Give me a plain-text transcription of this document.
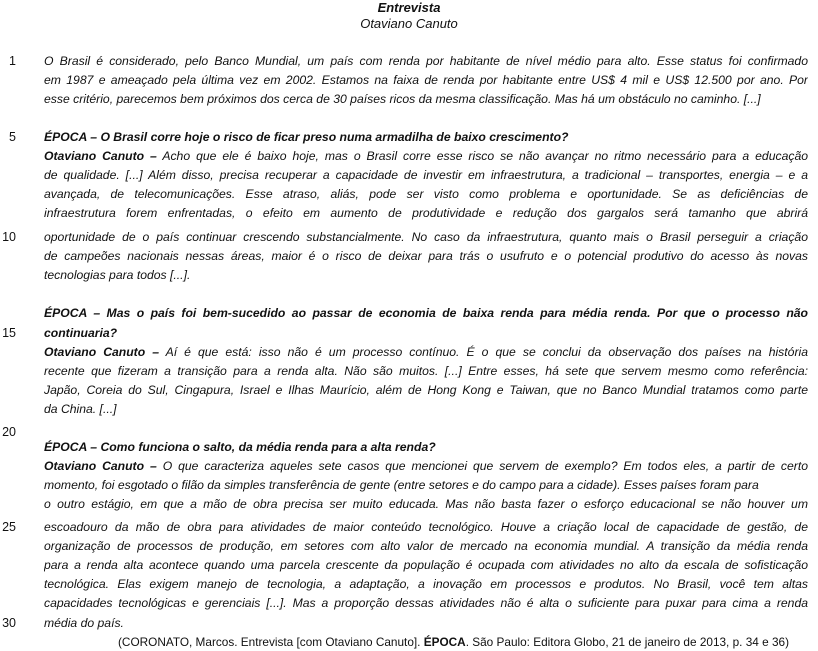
Entrevista
Otaviano Canuto
1
5
10
15
20
25
30
O Brasil é considerado, pelo Banco Mundial, um país com renda por habitante de nível médio para alto. Esse status foi confirmado
em 1987 e ameaçado pela última vez em 2002. Estamos na faixa de renda por habitante entre US$ 4 mil e US$ 12.500 por ano. Por
esse critério, parecemos bem próximos dos cerca de 30 países ricos da mesma classificação. Mas há um obstáculo no caminho. [...]
ÉPOCA – O Brasil corre hoje o risco de ficar preso numa armadilha de baixo crescimento?
Otaviano Canuto – Acho que ele é baixo hoje, mas o Brasil corre esse risco se não avançar no ritmo necessário para a educação
de qualidade. [...] Além disso, precisa recuperar a capacidade de investir em infraestrutura, a tradicional – transportes, energia – e a
avançada, de telecomunicações. Esse atraso, aliás, pode ser visto como problema e oportunidade. Se as deficiências de
infraestrutura forem enfrentadas, o efeito em aumento de produtividade e redução dos gargalos será tamanho que abrirá
oportunidade de o país continuar crescendo substancialmente. No caso da infraestrutura, quanto mais o Brasil perseguir a criação
de campeões nacionais nessas áreas, maior é o risco de deixar para trás o usufruto e o potencial produtivo do acesso às novas
tecnologias para todos [...].
ÉPOCA – Mas o país foi bem-sucedido ao passar de economia de baixa renda para média renda. Por que o processo não
continuaria?
Otaviano Canuto – Aí é que está: isso não é um processo contínuo. É o que se conclui da observação dos países na história
recente que fizeram a transição para a renda alta. Não são muitos. [...] Entre esses, há sete que servem mesmo como referência:
Japão, Coreia do Sul, Cingapura, Israel e Ilhas Maurício, além de Hong Kong e Taiwan, que no Banco Mundial tratamos como parte
da China. [...]
ÉPOCA – Como funciona o salto, da média renda para a alta renda?
Otaviano Canuto – O que caracteriza aqueles sete casos que mencionei que servem de exemplo? Em todos eles, a partir de certo
momento, foi esgotado o filão da simples transferência de gente (entre setores e do campo para a cidade). Esses países foram para
o outro estágio, em que a mão de obra precisa ser muito educada. Mas não basta fazer o esforço educacional se não houver um
escoadouro da mão de obra para atividades de maior conteúdo tecnológico. Houve a criação local de capacidade de gestão, de
organização de processos de produção, em setores com alto valor de mercado na economia mundial. A transição da média renda
para a renda alta acontece quando uma parcela crescente da população é ocupada com atividades no alto da escala de sofisticação
tecnológica. Elas exigem manejo de tecnologia, a adaptação, a inovação em processos e produtos. No Brasil, você tem altas
capacidades tecnológicas e gerenciais [...]. Mas a proporção dessas atividades não é alta o suficiente para puxar para cima a renda
média do país.
(CORONATO, Marcos. Entrevista [com Otaviano Canuto]. ÉPOCA. São Paulo: Editora Globo, 21 de janeiro de 2013, p. 34 e 36)
